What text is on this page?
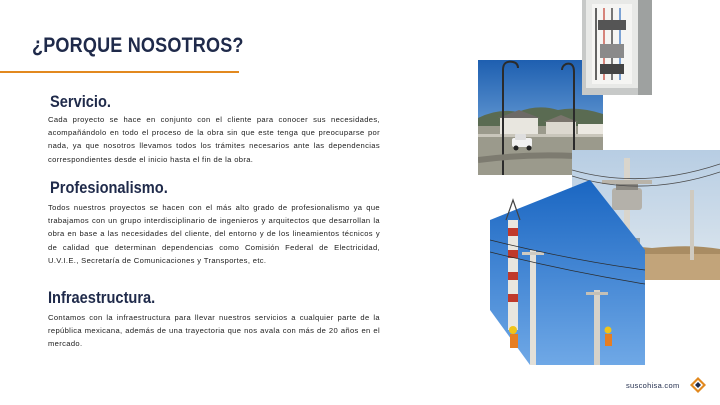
¿PORQUE NOSOTROS?
Servicio.

Cada proyecto se hace en conjunto con el cliente para conocer sus necesidades, acompañándolo en todo el proceso de la obra sin que este tenga que preocuparse por nada, ya que nosotros llevamos todos los trámites necesarios ante las dependencias correspondientes desde el inicio hasta el fin de la obra.

Profesionalismo.

Todos nuestros proyectos se hacen con el más alto grado de profesionalismo ya que trabajamos con un grupo interdisciplinario de ingenieros y arquitectos que desarrollan la obra en base a las necesidades del cliente, del entorno y de los lineamientos técnicos y de calidad que determinan dependencias como Comisión Federal de Electricidad, U.V.I.E., Secretaría de Comunicaciones y Transportes, etc.

Infraestructura.

Contamos con la infraestructura para llevar nuestros servicios a cualquier parte de la república mexicana, además de una trayectoria que nos avala con más de 20 años en el mercado.

suscohisa.com
